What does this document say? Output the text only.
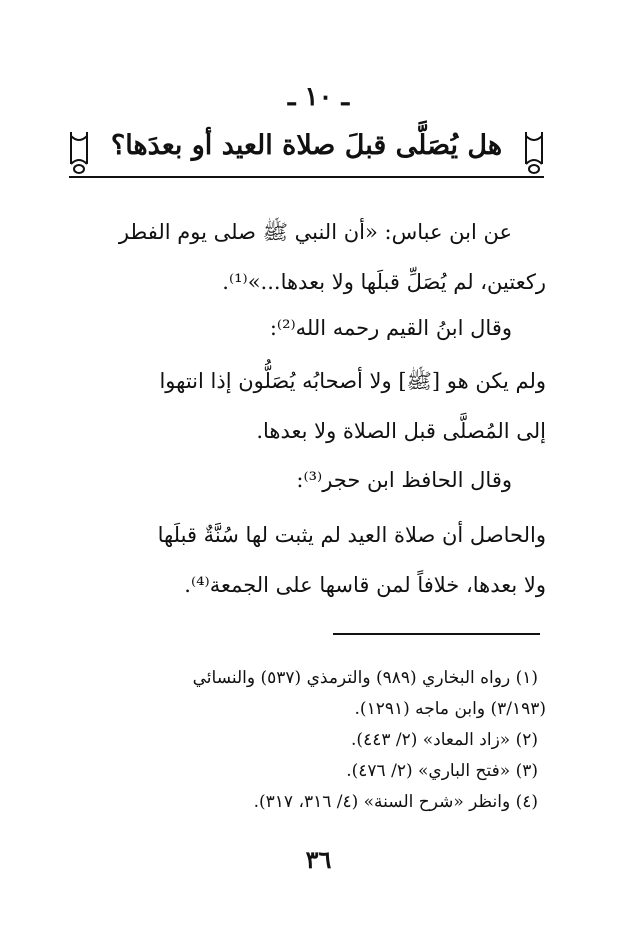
ـ ١٠ ـ
هل يُصَلَّى قبلَ صلاة العيد أو بعدَها؟

عن ابن عباس: «أن النبي ﷺ صلى يوم الفطر

ركعتين، لم يُصَلِّ قبلَها ولا بعدها...»⁽¹⁾.

وقال ابنُ القيم رحمه الله⁽²⁾:

ولم يكن هو [ﷺ] ولا أصحابُه يُصَلُّون إذا انتهوا

إلى المُصلَّى قبل الصلاة ولا بعدها.

وقال الحافظ ابن حجر⁽³⁾:

والحاصل أن صلاة العيد لم يثبت لها سُنَّةٌ قبلَها

ولا بعدها، خلافاً لمن قاسها على الجمعة⁽⁴⁾.

(١) رواه البخاري (٩٨٩) والترمذي (٥٣٧) والنسائي

(٣/١٩٣) وابن ماجه (١٢٩١).

(٢) «زاد المعاد» (٢/ ٤٤٣).

(٣) «فتح الباري» (٢/ ٤٧٦).

(٤) وانظر «شرح السنة» (٤/ ٣١٦، ٣١٧).

٣٦
